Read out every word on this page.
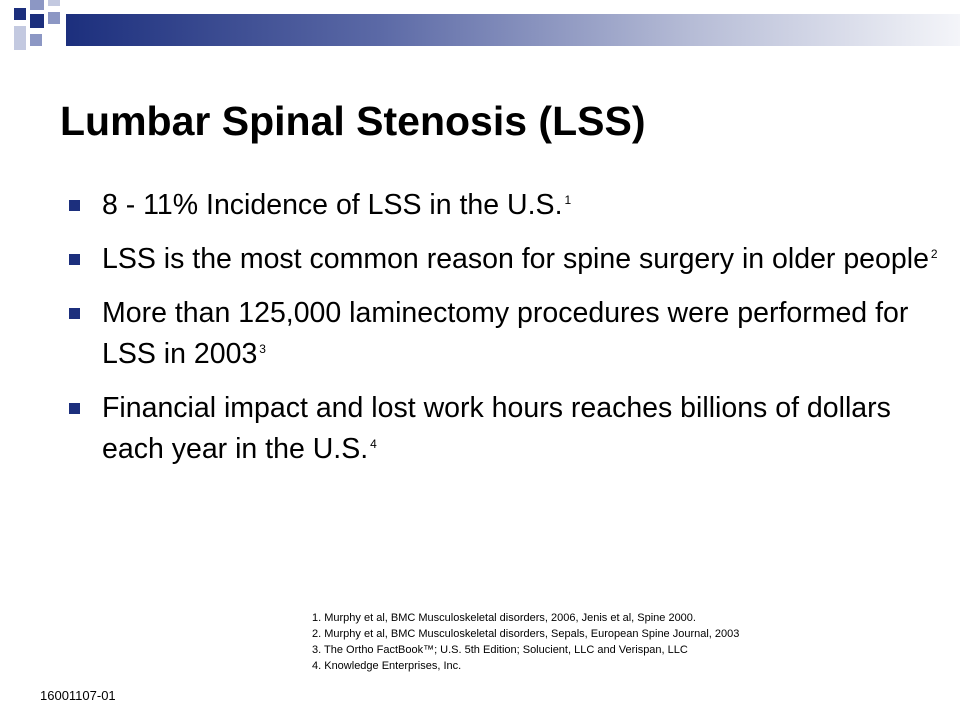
Lumbar Spinal Stenosis (LSS)
8 - 11% Incidence of LSS in the U.S. $^1$
LSS is the most common reason for spine surgery in older people $^2$
More than 125,000 laminectomy procedures were performed for LSS in 2003 $^3$
Financial impact and lost work hours reaches billions of dollars each year in the U.S. $^4$
1. Murphy et al, BMC Musculoskeletal disorders, 2006, Jenis et al, Spine 2000.
2. Murphy et al, BMC Musculoskeletal disorders, Sepals, European Spine Journal, 2003
3. The Ortho FactBook™; U.S. 5th Edition; Solucient, LLC and Verispan, LLC
4. Knowledge Enterprises, Inc.
16001107-01
